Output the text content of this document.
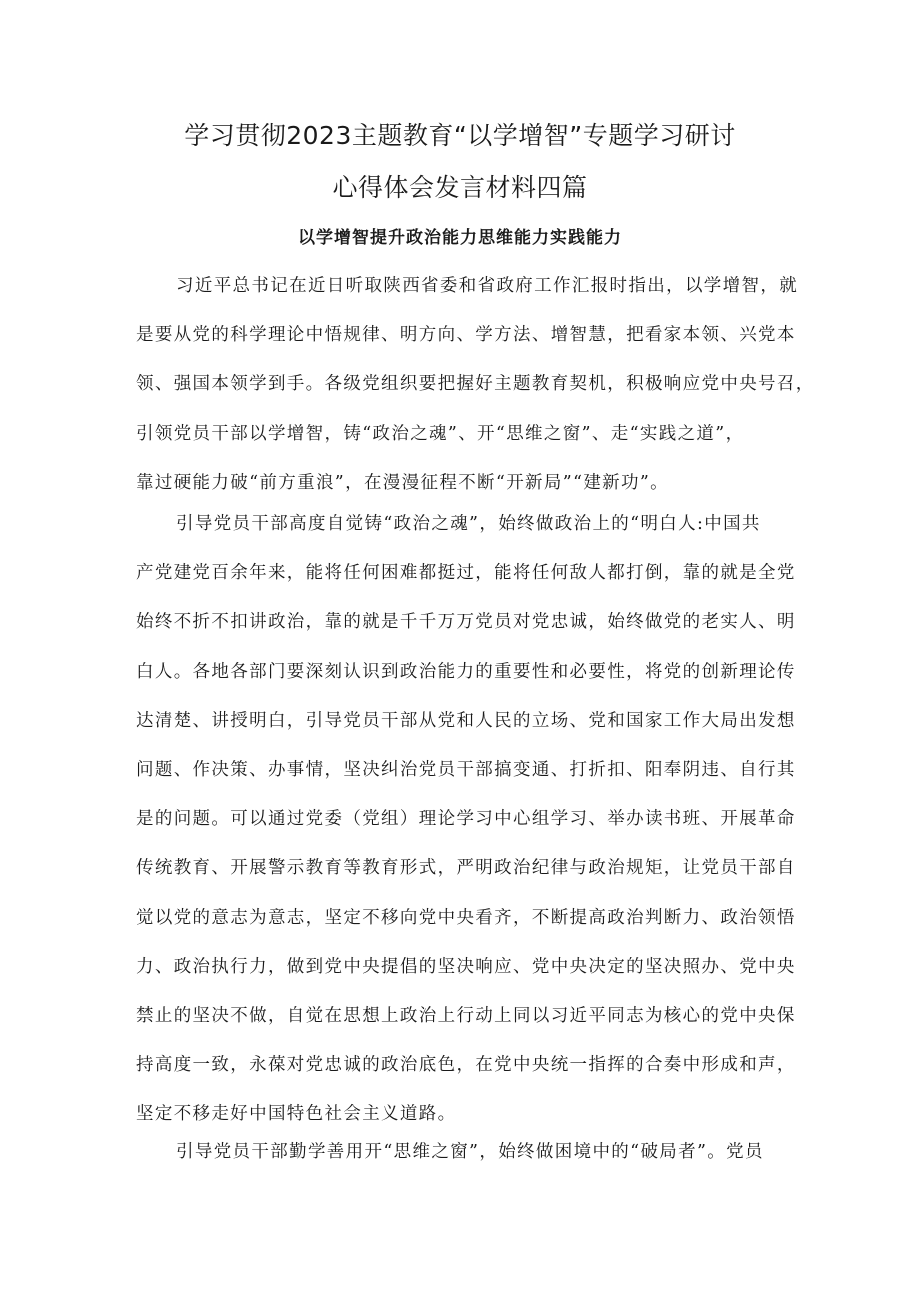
学习贯彻2023主题教育“以学增智”专题学习研讨
心得体会发言材料四篇
以学增智提升政治能力思维能力实践能力
习近平总书记在近日听取陕西省委和省政府工作汇报时指出，以学增智，就
是要从党的科学理论中悟规律、明方向、学方法、增智慧，把看家本领、兴党本
领、强国本领学到手。各级党组织要把握好主题教育契机，积极响应党中央号召，
引领党员干部以学增智，铸“政治之魂”、开“思维之窗”、走“实践之道”，
靠过硬能力破“前方重浪”，在漫漫征程不断“开新局”“建新功”。
引导党员干部高度自觉铸“政治之魂”，始终做政治上的“明白人:中国共
产党建党百余年来，能将任何困难都挺过，能将任何敌人都打倒，靠的就是全党
始终不折不扣讲政治，靠的就是千千万万党员对党忠诚，始终做党的老实人、明
白人。各地各部门要深刻认识到政治能力的重要性和必要性，将党的创新理论传
达清楚、讲授明白，引导党员干部从党和人民的立场、党和国家工作大局出发想
问题、作决策、办事情，坚决纠治党员干部搞变通、打折扣、阳奉阴违、自行其
是的问题。可以通过党委（党组）理论学习中心组学习、举办读书班、开展革命
传统教育、开展警示教育等教育形式，严明政治纪律与政治规矩，让党员干部自
觉以党的意志为意志，坚定不移向党中央看齐，不断提高政治判断力、政治领悟
力、政治执行力，做到党中央提倡的坚决响应、党中央决定的坚决照办、党中央
禁止的坚决不做，自觉在思想上政治上行动上同以习近平同志为核心的党中央保
持高度一致，永葆对党忠诚的政治底色，在党中央统一指挥的合奏中形成和声，
坚定不移走好中国特色社会主义道路。
引导党员干部勤学善用开“思维之窗”，始终做困境中的“破局者”。党员
